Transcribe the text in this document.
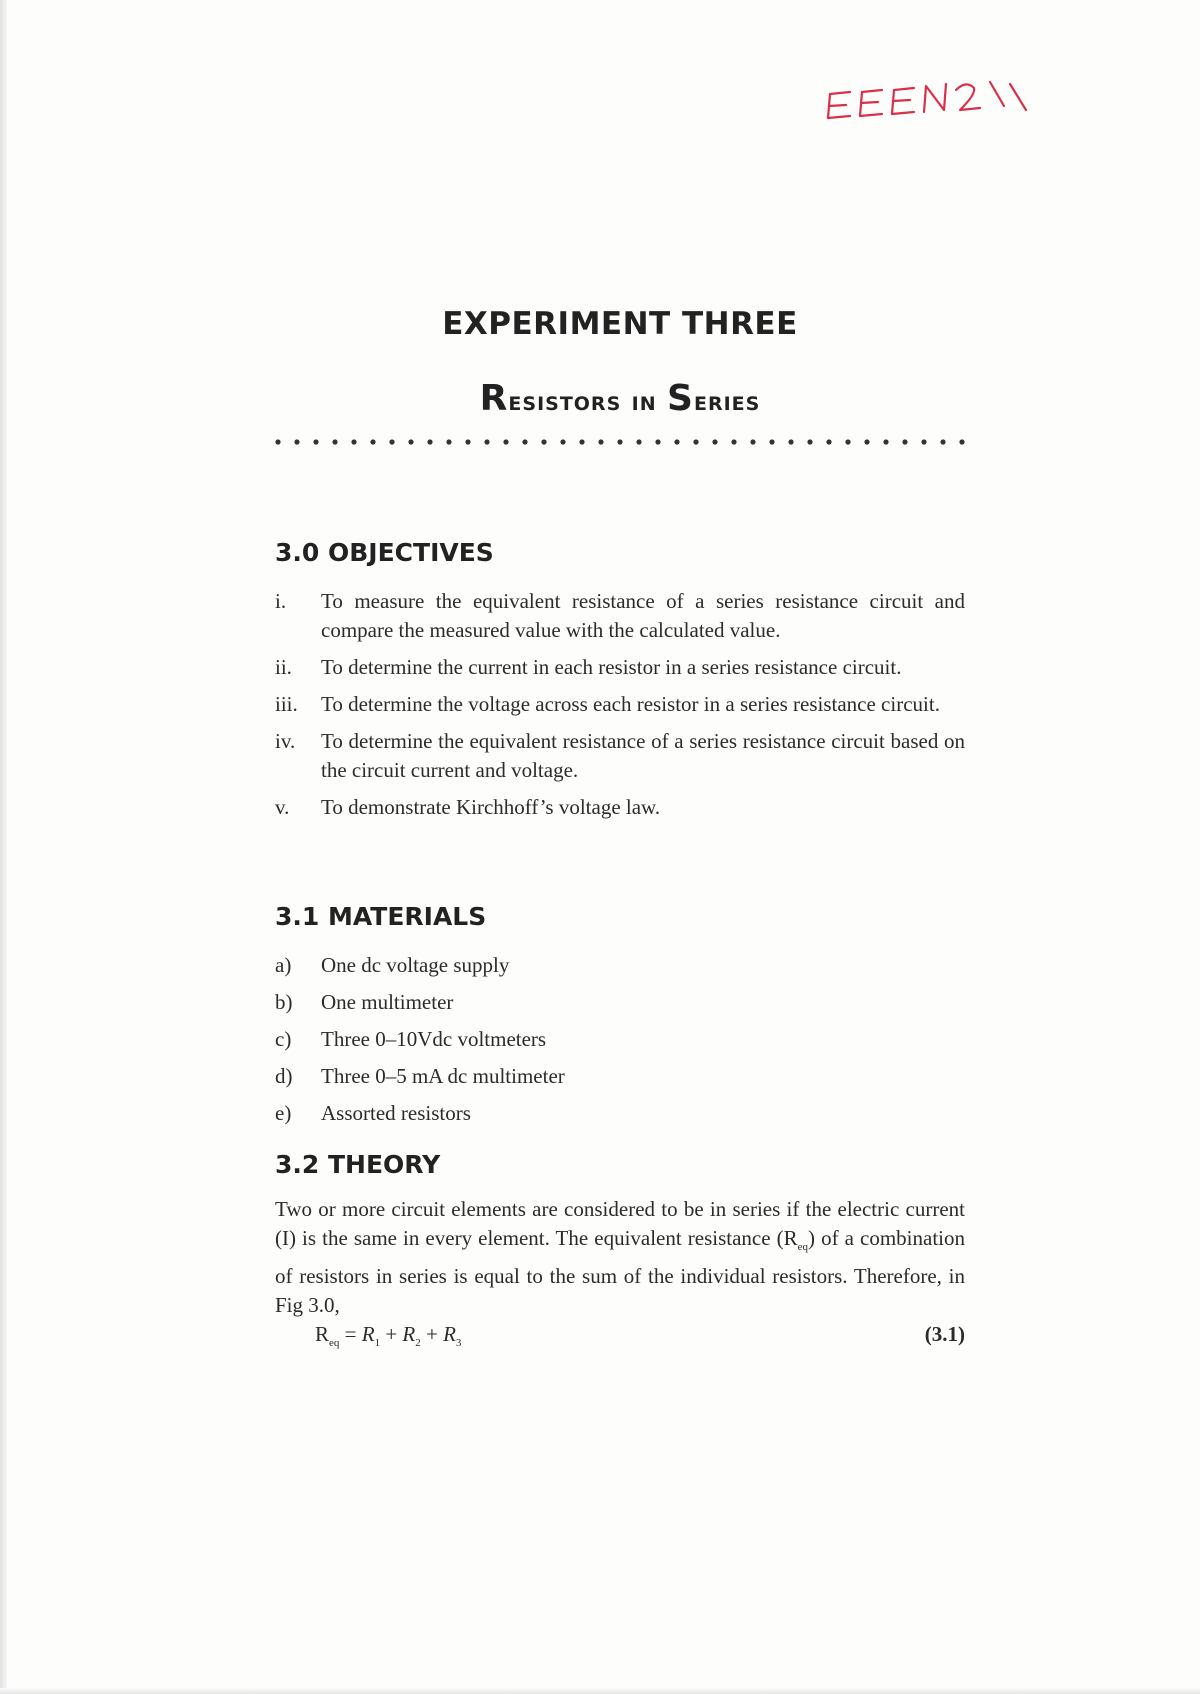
EXPERIMENT THREE
Resistors in Series
3.0 OBJECTIVES
i.	To measure the equivalent resistance of a series resistance circuit and compare the measured value with the calculated value.
ii.	To determine the current in each resistor in a series resistance circuit.
iii.	To determine the voltage across each resistor in a series resistance circuit.
iv.	To determine the equivalent resistance of a series resistance circuit based on the circuit current and voltage.
v.	To demonstrate Kirchhoff’s voltage law.
3.1 MATERIALS
a)	One dc voltage supply
b)	One multimeter
c)	Three 0–10Vdc voltmeters
d)	Three 0–5 mA dc multimeter
e)	Assorted resistors
3.2 THEORY

Two or more circuit elements are considered to be in series if the electric current (I) is the same in every element. The equivalent resistance $(R_{eq})$ of a combination of resistors in series is equal to the sum of the individual resistors. Therefore, in Fig 3.0,

$R_{eq} = R_1 + R_2 + R_3$	(3.1)
